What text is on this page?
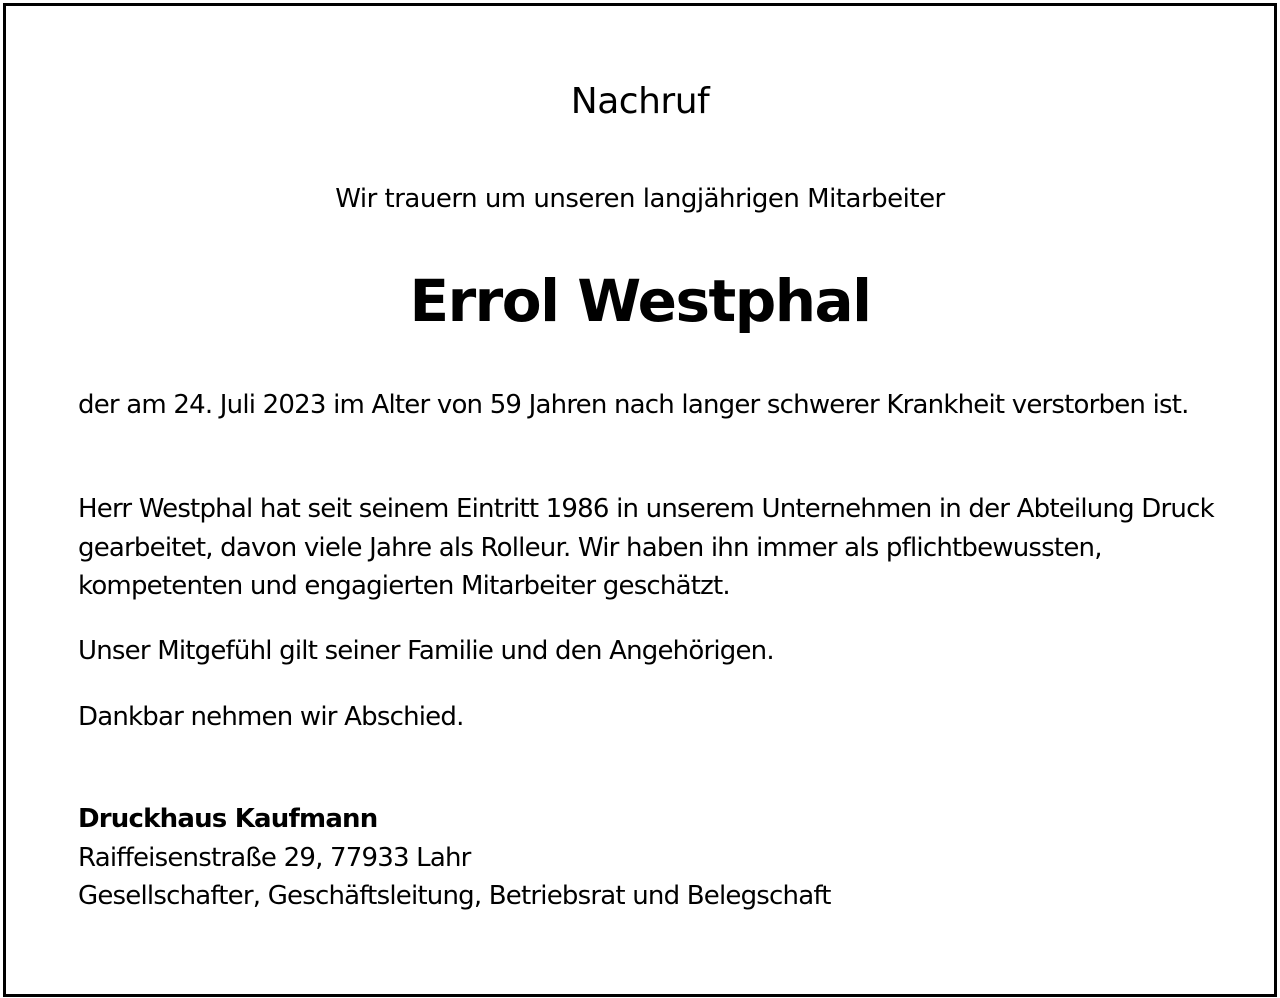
Nachruf

Wir trauern um unseren langjährigen Mitarbeiter

Errol Westphal

der am 24. Juli 2023 im Alter von 59 Jahren nach langer schwerer Krankheit verstorben ist.

Herr Westphal hat seit seinem Eintritt 1986 in unserem Unternehmen in der Abteilung Druck gearbeitet, davon viele Jahre als Rolleur. Wir haben ihn immer als pflichtbewussten, kompetenten und engagierten Mitarbeiter geschätzt.

Unser Mitgefühl gilt seiner Familie und den Angehörigen.

Dankbar nehmen wir Abschied.

Druckhaus Kaufmann
Raiffeisenstraße 29, 77933 Lahr
Gesellschafter, Geschäftsleitung, Betriebsrat und Belegschaft
